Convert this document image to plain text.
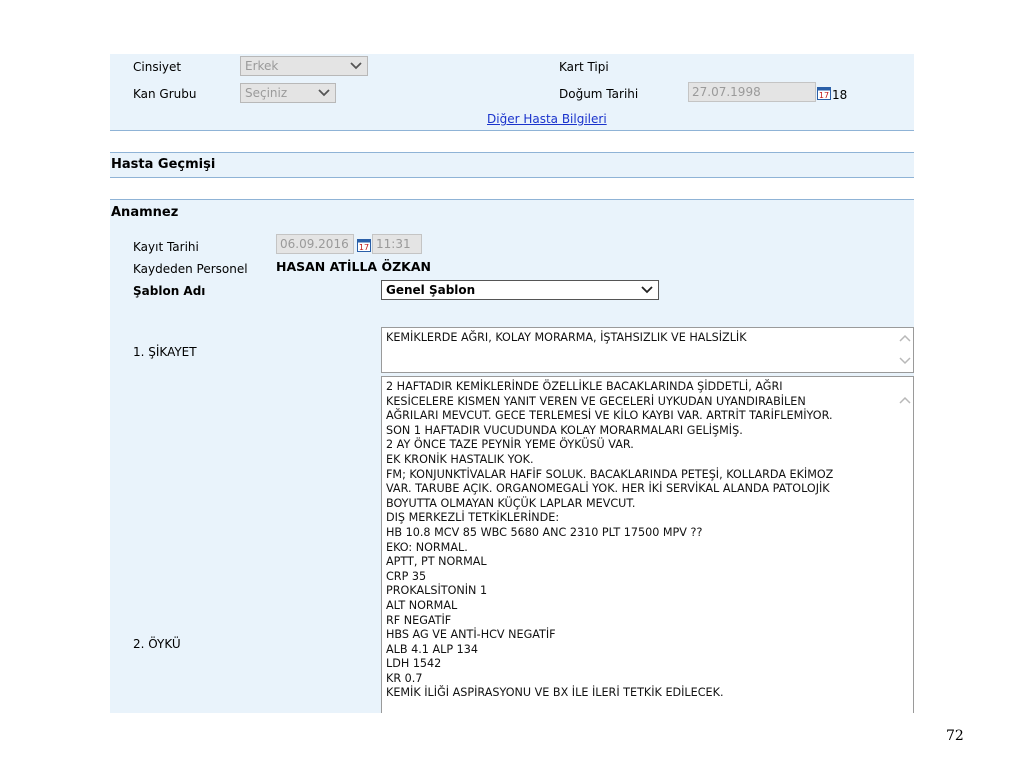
Cinsiyet	Erkek
Kan Grubu	Seçiniz
Kart Tipi
Doğum Tarihi	27.07.1998	17 18
Diğer Hasta Bilgileri
Hasta Geçmişi
Anamnez
Kayıt Tarihi	06.09.2016	17 11:31
Kaydeden Personel HASAN ATİLLA ÖZKAN
Şablon Adı	Genel Şablon
1. ŞİKAYET
KEMİKLERDE AĞRI, KOLAY MORARMA, İŞTAHSIZLIK VE HALSİZLİK
2. ÖYKÜ
2 HAFTADIR KEMİKLERİNDE ÖZELLİKLE BACAKLARINDA ŞİDDETLİ, AĞRI
KESİCELERE KISMEN YANIT VEREN VE GECELERİ UYKUDAN UYANDIRABİLEN
AĞRILARI MEVCUT. GECE TERLEMESİ VE KİLO KAYBI VAR. ARTRİT TARİFLEMİYOR.
SON 1 HAFTADIR VUCUDUNDA KOLAY MORARMALARI GELİŞMİŞ.
2 AY ÖNCE TAZE PEYNİR YEME ÖYKÜSÜ VAR.
EK KRONİK HASTALIK YOK.
FM; KONJUNKTİVALAR HAFİF SOLUK. BACAKLARINDA PETEŞİ, KOLLARDA EKİMOZ
VAR. TARUBE AÇIK. ORGANOMEGALİ YOK. HER İKİ SERVİKAL ALANDA PATOLOJİK
BOYUTTA OLMAYAN KÜÇÜK LAPLAR MEVCUT.
DIŞ MERKEZLİ TETKİKLERİNDE:
HB 10.8 MCV 85 WBC 5680 ANC 2310 PLT 17500 MPV ??
EKO: NORMAL.
APTT, PT NORMAL
CRP 35
PROKALSİTONİN 1
ALT NORMAL
RF NEGATİF
HBS AG VE ANTİ-HCV NEGATİF
ALB 4.1 ALP 134
LDH 1542
KR 0.7
KEMİK İLİĞİ ASPİRASYONU VE BX İLE İLERİ TETKİK EDİLECEK.
72
